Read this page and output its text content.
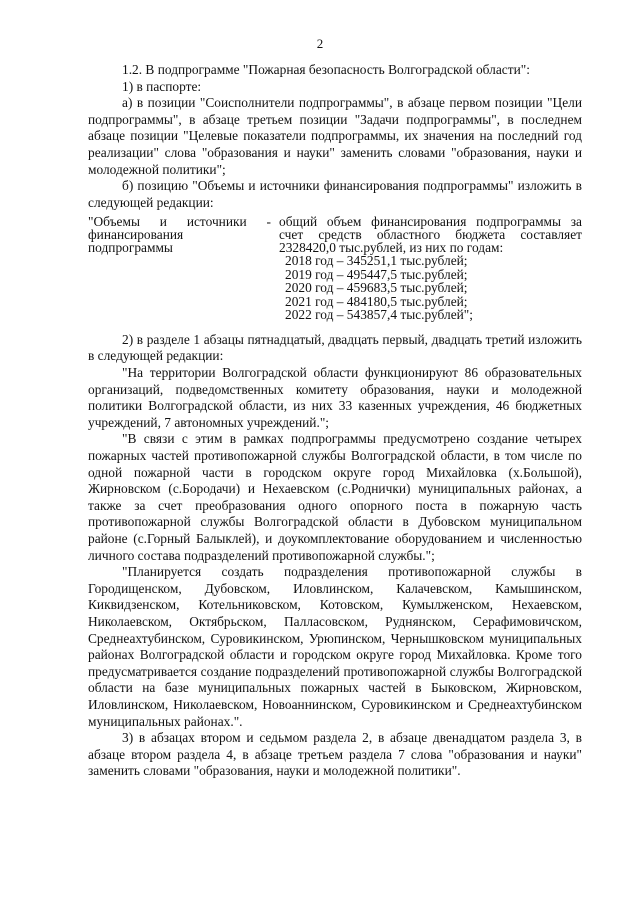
2

1.2. В подпрограмме "Пожарная безопасность Волгоградской области":

1) в паспорте:

а) в позиции "Соисполнители подпрограммы", в абзаце первом позиции "Цели подпрограммы", в абзаце третьем позиции "Задачи подпрограммы", в последнем абзаце позиции "Целевые показатели подпрограммы, их значения на последний год реализации" слова "образования и науки" заменить словами "образования, науки и молодежной политики";

б) позицию "Объемы и источники финансирования подпрограммы" изложить в следующей редакции:

"Объемы и источники - финансирования подпрограммы
общий объем финансирования подпрограммы за счет средств областного бюджета составляет 2328420,0 тыс.рублей, из них по годам:
2018 год – 345251,1 тыс.рублей;
2019 год – 495447,5 тыс.рублей;
2020 год – 459683,5 тыс.рублей;
2021 год – 484180,5 тыс.рублей;
2022 год – 543857,4 тыс.рублей";

2) в разделе 1 абзацы пятнадцатый, двадцать первый, двадцать третий изложить в следующей редакции:

"На территории Волгоградской области функционируют 86 образовательных организаций, подведомственных комитету образования, науки и молодежной политики Волгоградской области, из них 33 казенных учреждения, 46 бюджетных учреждений, 7 автономных учреждений.";

"В связи с этим в рамках подпрограммы предусмотрено создание четырех пожарных частей противопожарной службы Волгоградской области, в том числе по одной пожарной части в городском округе город Михайловка (х.Большой), Жирновском (с.Бородачи) и Нехаевском (с.Роднички) муниципальных районах, а также за счет преобразования одного опорного поста в пожарную часть противопожарной службы Волгоградской области в Дубовском муниципальном районе (с.Горный Балыклей), и доукомплектование оборудованием и численностью личного состава подразделений противопожарной службы.";

"Планируется создать подразделения противопожарной службы в Городищенском, Дубовском, Иловлинском, Калачевском, Камышинском, Киквидзенском, Котельниковском, Котовском, Кумылженском, Нехаевском, Николаевском, Октябрьском, Палласовском, Руднянском, Серафимовичском, Среднеахтубинском, Суровикинском, Урюпинском, Чернышковском муниципальных районах Волгоградской области и городском округе город Михайловка. Кроме того предусматривается создание подразделений противопожарной службы Волгоградской области на базе муниципальных пожарных частей в Быковском, Жирновском, Иловлинском, Николаевском, Новоаннинском, Суровикинском и Среднеахтубинском муниципальных районах.".

3) в абзацах втором и седьмом раздела 2, в абзаце двенадцатом раздела 3, в абзаце втором раздела 4, в абзаце третьем раздела 7 слова "образования и науки" заменить словами "образования, науки и молодежной политики".
